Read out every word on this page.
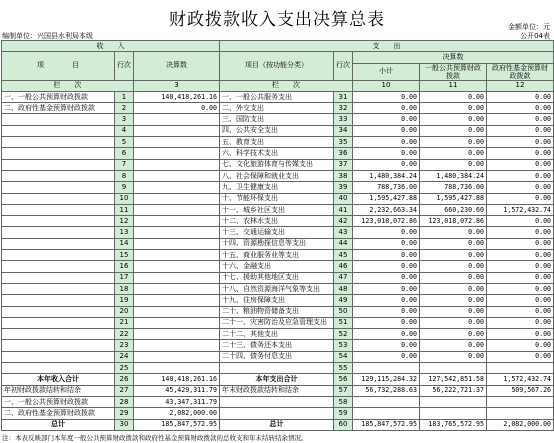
财政拨款收入支出决算总表	金额单位：元
编制单位：兴国县水利局本级	公开04表
收　　入			支　　出				
项　　　　目	行次	决算数	项目（按功能分类）	行次	决算数		
					小计	一般公共预算财政拨款	政府性基金预算财政拨款

栏　　次		3	栏　　次		10	11	12
一、一般公共预算财政拨款	1	140,418,261.16	一、一般公共服务支出	31	0.00	0.00	0.00
二、政府性基金预算财政拨款	2	0.00	二、外交支出	32	0.00	0.00	0.00
	3		三、国防支出	33	0.00	0.00	0.00
	4		四、公共安全支出	34	0.00	0.00	0.00
	5		五、教育支出	35	0.00	0.00	0.00
	6		六、科学技术支出	36	0.00	0.00	0.00
	7		七、文化旅游体育与传媒支出	37	0.00	0.00	0.00
	8		八、社会保障和就业支出	38	1,480,384.24	1,480,384.24	0.00
	9		九、卫生健康支出	39	788,736.00	788,736.00	0.00
	10		十、节能环保支出	40	1,595,427.88	1,595,427.88	0.00
	11		十一、城乡社区支出	41	2,232,663.34	660,230.60	1,572,432.74
	12		十二、农林水支出	42	123,018,072.86	123,018,072.86	0.00
	13		十三、交通运输支出	43	0.00	0.00	0.00
	14		十四、资源勘探信息等支出	44	0.00	0.00	0.00
	15		十五、商业服务业等支出	45	0.00	0.00	0.00
	16		十六、金融支出	46	0.00	0.00	0.00
	17		十七、援助其他地区支出	47	0.00	0.00	0.00
	18		十八、自然资源海洋气象等支出	48	0.00	0.00	0.00
	19		十九、住房保障支出	49	0.00	0.00	0.00
	20		二十、粮油物资储备支出	50	0.00	0.00	0.00
	21		二十一、灾害防治及应急管理支出	51	0.00	0.00	0.00
	22		二十二、其他支出	52	0.00	0.00	0.00
	23		二十三、债务还本支出	53	0.00	0.00	0.00
	24		二十四、债务付息支出	54	0.00	0.00	0.00
	25			55			
本年收入合计	26	140,418,261.16	本年支出合计	56	129,115,284.32	127,542,851.58	1,572,432.74
年初财政拨款结转和结余	27	45,429,311.79	年末财政拨款结转和结余	57	56,732,288.63	56,222,721.37	509,567.26
一、一般公共预算财政拨款	28	43,347,311.79		58			
二、政府性基金预算财政拨款	29	2,082,000.00		59			
总计	30	185,847,572.95	总计	60	185,847,572.95	183,765,572.95	2,082,000.00
注：本表反映部门本年度一般公共预算财政拨款和政府性基金预算财政拨款的总收支和年末结转结余情况。
